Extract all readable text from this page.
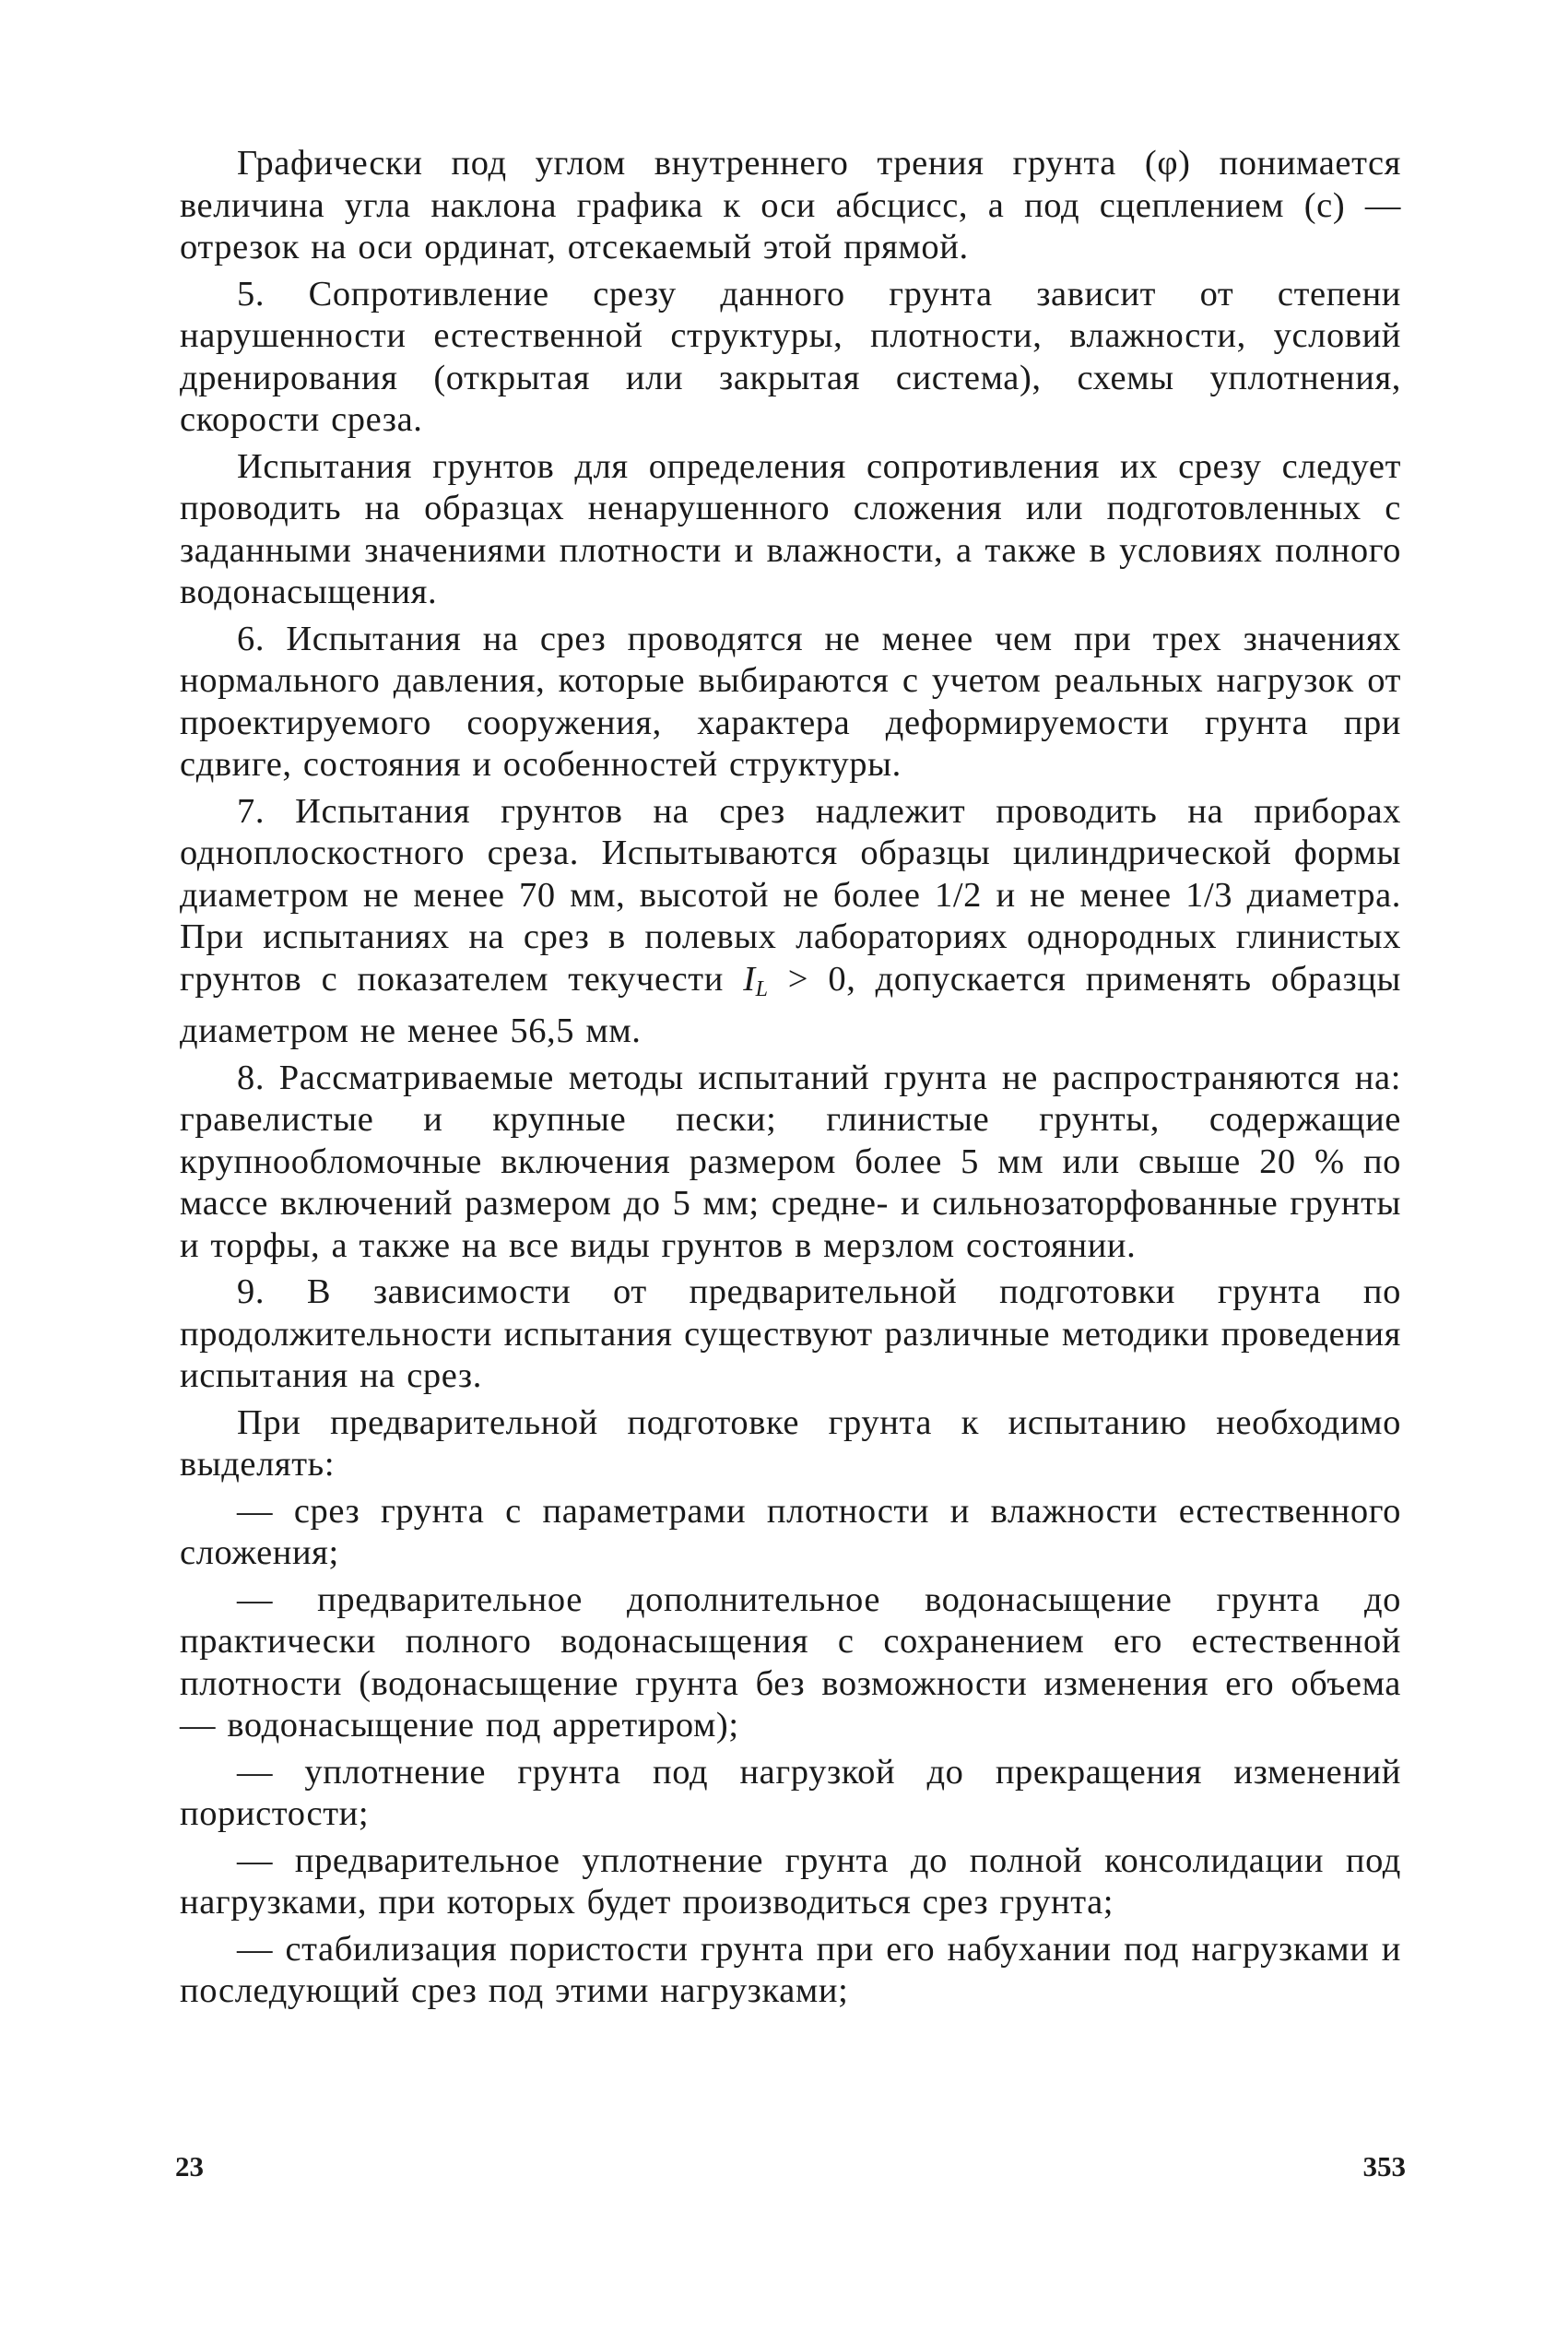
Графически под углом внутреннего трения грунта (φ) понимается величина угла наклона графика к оси абсцисс, а под сцеплением (c) — отрезок на оси ординат, отсекаемый этой прямой.

5. Сопротивление срезу данного грунта зависит от степени нарушенности естественной структуры, плотности, влажности, условий дренирования (открытая или закрытая система), схемы уплотнения, скорости среза.

Испытания грунтов для определения сопротивления их срезу следует проводить на образцах ненарушенного сложения или подготовленных с заданными значениями плотности и влажности, а также в условиях полного водонасыщения.

6. Испытания на срез проводятся не менее чем при трех значениях нормального давления, которые выбираются с учетом реальных нагрузок от проектируемого сооружения, характера деформируемости грунта при сдвиге, состояния и особенностей структуры.

7. Испытания грунтов на срез надлежит проводить на приборах одноплоскостного среза. Испытываются образцы цилиндрической формы диаметром не менее 70 мм, высотой не более 1/2 и не менее 1/3 диаметра. При испытаниях на срез в полевых лабораториях однородных глинистых грунтов с показателем текучести $I_L > 0$, допускается применять образцы диаметром не менее 56,5 мм.

8. Рассматриваемые методы испытаний грунта не распространяются на: гравелистые и крупные пески; глинистые грунты, содержащие крупнообломочные включения размером более 5 мм или свыше 20 % по массе включений размером до 5 мм; средне- и сильнозаторфованные грунты и торфы, а также на все виды грунтов в мерзлом состоянии.

9. В зависимости от предварительной подготовки грунта по продолжительности испытания существуют различные методики проведения испытания на срез.

При предварительной подготовке грунта к испытанию необходимо выделять:

— срез грунта с параметрами плотности и влажности естественного сложения;

— предварительное дополнительное водонасыщение грунта до практически полного водонасыщения с сохранением его естественной плотности (водонасыщение грунта без возможности изменения его объема — водонасыщение под арретиром);

— уплотнение грунта под нагрузкой до прекращения изменений пористости;

— предварительное уплотнение грунта до полной консолидации под нагрузками, при которых будет производиться срез грунта;

— стабилизация пористости грунта при его набухании под нагрузками и последующий срез под этими нагрузками;

23	353
